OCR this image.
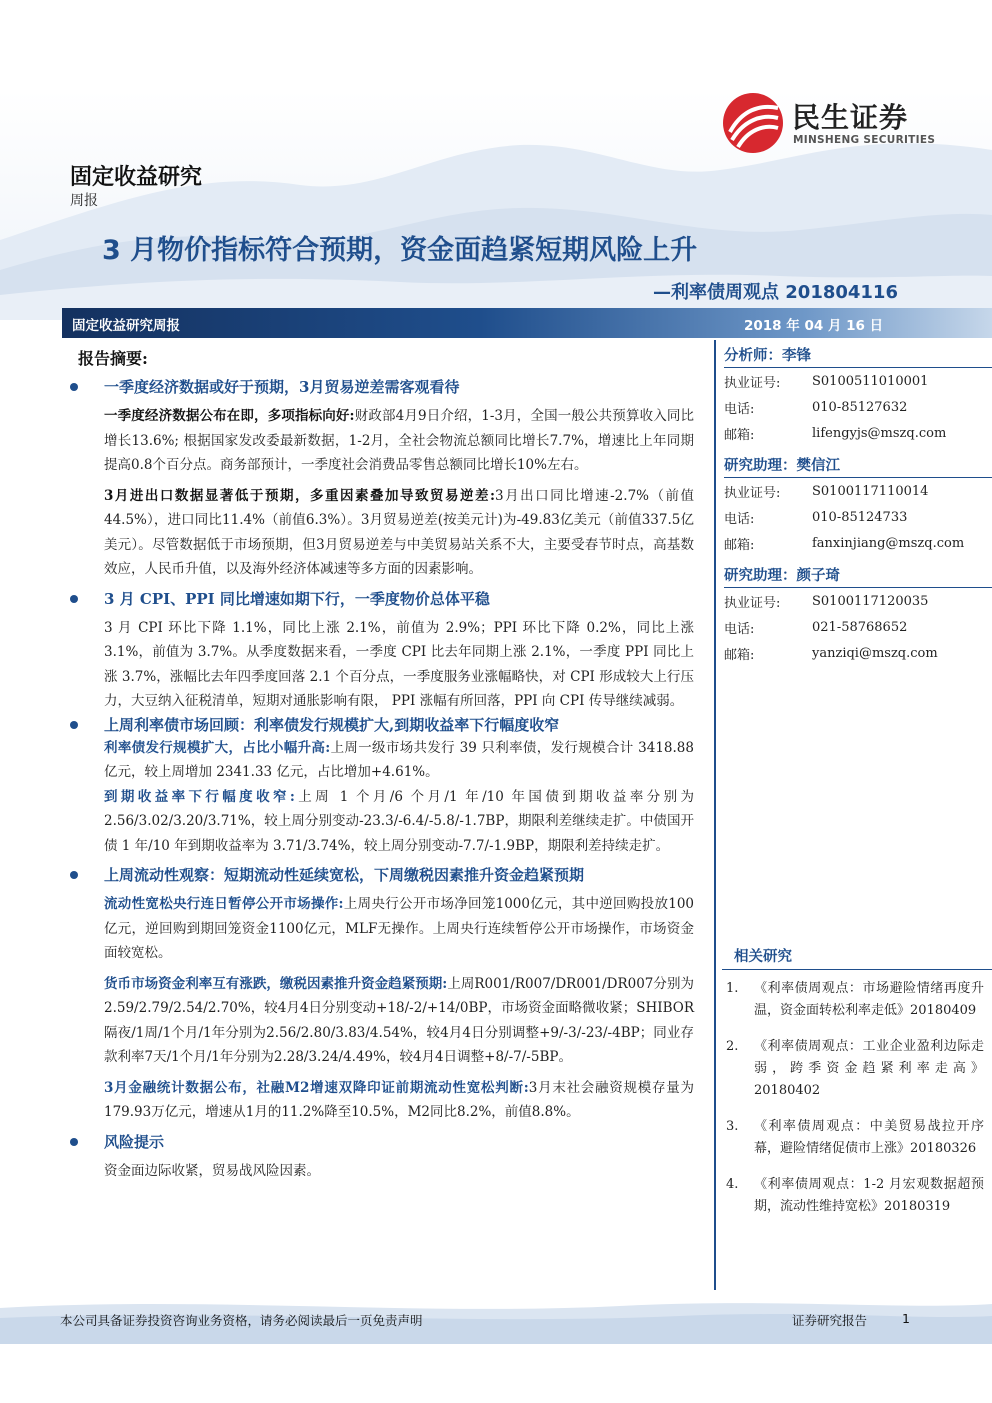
民生证券
MINSHENG SECURITIES
固定收益研究
周报
3 月物价指标符合预期，资金面趋紧短期风险上升
—利率债周观点 201804116
固定收益研究周报	2018 年 04 月 16 日
报告摘要:
一季度经济数据或好于预期，3月贸易逆差需客观看待

一季度经济数据公布在即，多项指标向好:财政部4月9日介绍，1-3月，全国一般公共预算收入同比增长13.6%; 根据国家发改委最新数据，1-2月，全社会物流总额同比增长7.7%，增速比上年同期提高0.8个百分点。商务部预计，一季度社会消费品零售总额同比增长10%左右。

3月进出口数据显著低于预期，多重因素叠加导致贸易逆差:3月出口同比增速-2.7%（前值44.5%），进口同比11.4%（前值6.3%）。3月贸易逆差(按美元计)为-49.83亿美元（前值337.5亿美元）。尽管数据低于市场预期，但3月贸易逆差与中美贸易站关系不大，主要受春节时点，高基数效应，人民币升值，以及海外经济体减速等多方面的因素影响。

3 月 CPI、PPI 同比增速如期下行，一季度物价总体平稳

3 月 CPI 环比下降 1.1%，同比上涨 2.1%，前值为 2.9%；PPI 环比下降 0.2%，同比上涨 3.1%，前值为 3.7%。从季度数据来看，一季度 CPI 比去年同期上涨 2.1%，一季度 PPI 同比上涨 3.7%，涨幅比去年四季度回落 2.1 个百分点，一季度服务业涨幅略快，对 CPI 形成较大上行压力，大豆纳入征税清单，短期对通胀影响有限， PPI 涨幅有所回落，PPI 向 CPI 传导继续减弱。

上周利率债市场回顾：利率债发行规模扩大,到期收益率下行幅度收窄

利率债发行规模扩大，占比小幅升高:上周一级市场共发行 39 只利率债，发行规模合计 3418.88 亿元，较上周增加 2341.33 亿元，占比增加+4.61%。

到期收益率下行幅度收窄:上周 1 个月/6 个月/1 年/10 年国债到期收益率分别为 2.56/3.02/3.20/3.71%，较上周分别变动-23.3/-6.4/-5.8/-1.7BP，期限利差继续走扩。中债国开债 1 年/10 年到期收益率为 3.71/3.74%，较上周分别变动-7.7/-1.9BP，期限利差持续走扩。

上周流动性观察：短期流动性延续宽松，下周缴税因素推升资金趋紧预期

流动性宽松央行连日暂停公开市场操作:上周央行公开市场净回笼1000亿元，其中逆回购投放100亿元，逆回购到期回笼资金1100亿元，MLF无操作。上周央行连续暂停公开市场操作，市场资金面较宽松。

货币市场资金利率互有涨跌，缴税因素推升资金趋紧预期:上周R001/R007/DR001/DR007分别为2.59/2.79/2.54/2.70%，较4月4日分别变动+18/-2/+14/0BP，市场资金面略微收紧；SHIBOR隔夜/1周/1个月/1年分别为2.56/2.80/3.83/4.54%，较4月4日分别调整+9/-3/-23/-4BP；同业存款利率7天/1个月/1年分别为2.28/3.24/4.49%，较4月4日调整+8/-7/-5BP。

3月金融统计数据公布，社融M2增速双降印证前期流动性宽松判断:3月末社会融资规模存量为179.93万亿元，增速从1月的11.2%降至10.5%，M2同比8.2%，前值8.8%。

风险提示

资金面边际收紧，贸易战风险因素。

分析师：李锋
执业证号:	S0100511010001
电话:	010-85127632
邮箱:	lifengyjs@mszq.com
研究助理：樊信江
执业证号:	S0100117110014
电话:	010-85124733
邮箱:	fanxinjiang@mszq.com
研究助理：颜子琦
执业证号:	S0100117120035
电话:	021-58768652
邮箱:	yanziqi@mszq.com
相关研究
1.	《利率债周观点：市场避险情绪再度升温，资金面转松利率走低》20180409
2.	《利率债周观点：工业企业盈利边际走弱，跨季资金趋紧利率走高》20180402
3.	《利率债周观点：中美贸易战拉开序幕，避险情绪促债市上涨》20180326
4.	《利率债周观点：1-2 月宏观数据超预期，流动性维持宽松》20180319
本公司具备证券投资咨询业务资格，请务必阅读最后一页免责声明	证券研究报告	1
